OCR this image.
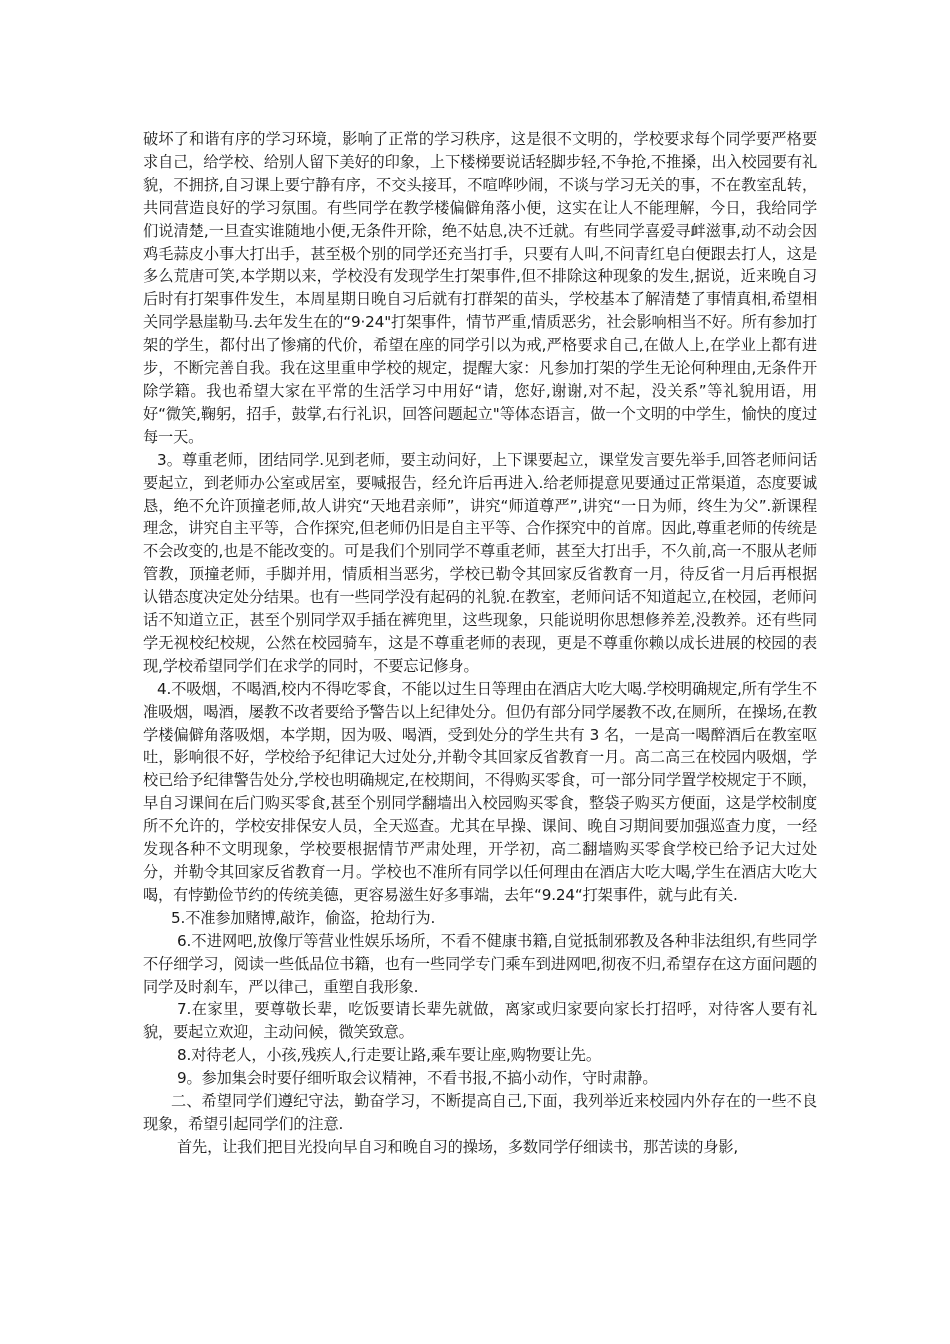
破坏了和谐有序的学习环境，影响了正常的学习秩序，这是很不文明的，学校要求每个同学要严格要求自己，给学校、给别人留下美好的印象，上下楼梯要说话轻脚步轻,不争抢,不推搡，出入校园要有礼貌，不拥挤,自习课上要宁静有序，不交头接耳，不喧哗吵闹，不谈与学习无关的事，不在教室乱转，共同营造良好的学习氛围。有些同学在教学楼偏僻角落小便，这实在让人不能理解，今日，我给同学们说清楚,一旦查实谁随地小便,无条件开除，绝不姑息,决不迁就。有些同学喜爱寻衅滋事,动不动会因鸡毛蒜皮小事大打出手，甚至极个别的同学还充当打手，只要有人叫,不问青红皂白便跟去打人，这是多么荒唐可笑,本学期以来，学校没有发现学生打架事件,但不排除这种现象的发生,据说，近来晚自习后时有打架事件发生，本周星期日晚自习后就有打群架的苗头，学校基本了解清楚了事情真相,希望相关同学悬崖勒马.去年发生在的“9·24"打架事件，情节严重,情质恶劣，社会影响相当不好。所有参加打架的学生，都付出了惨痛的代价，希望在座的同学引以为戒,严格要求自己,在做人上,在学业上都有进步，不断完善自我。我在这里重申学校的规定，提醒大家：凡参加打架的学生无论何种理由,无条件开除学籍。我也希望大家在平常的生活学习中用好“请，您好,谢谢,对不起，没关系”等礼貌用语，用好“微笑,鞠躬，招手，鼓掌,右行礼识，回答问题起立"等体态语言，做一个文明的中学生，愉快的度过每一天。

3。尊重老师，团结同学.见到老师，要主动问好，上下课要起立，课堂发言要先举手,回答老师问话要起立，到老师办公室或居室，要喊报告，经允许后再进入.给老师提意见要通过正常渠道，态度要诚恳，绝不允许顶撞老师,故人讲究“天地君亲师”，讲究“师道尊严”,讲究“一日为师，终生为父”.新课程理念，讲究自主平等，合作探究,但老师仍旧是自主平等、合作探究中的首席。因此,尊重老师的传统是不会改变的,也是不能改变的。可是我们个别同学不尊重老师，甚至大打出手，不久前,高一不服从老师管教，顶撞老师，手脚并用，情质相当恶劣，学校已勒令其回家反省教育一月，待反省一月后再根据认错态度决定处分结果。也有一些同学没有起码的礼貌.在教室，老师问话不知道起立,在校园，老师问话不知道立正，甚至个别同学双手插在裤兜里，这些现象，只能说明你思想修养差,没教养。还有些同学无视校纪校规，公然在校园骑车，这是不尊重老师的表现，更是不尊重你赖以成长进展的校园的表现,学校希望同学们在求学的同时，不要忘记修身。

4.不吸烟，不喝酒,校内不得吃零食，不能以过生日等理由在酒店大吃大喝.学校明确规定,所有学生不准吸烟，喝酒，屡教不改者要给予警告以上纪律处分。但仍有部分同学屡教不改,在厕所，在操场,在教学楼偏僻角落吸烟，本学期，因为吸、喝酒，受到处分的学生共有 3 名，一是高一喝醉酒后在教室呕吐，影响很不好，学校给予纪律记大过处分,并勒令其回家反省教育一月。高二高三在校园内吸烟，学校已给予纪律警告处分,学校也明确规定,在校期间，不得购买零食，可一部分同学置学校规定于不顾，早自习课间在后门购买零食,甚至个别同学翻墙出入校园购买零食，整袋子购买方便面，这是学校制度所不允许的，学校安排保安人员，全天巡查。尤其在早操、课间、晚自习期间要加强巡查力度，一经发现各种不文明现象，学校要根据情节严肃处理，开学初，高二翻墙购买零食学校已给予记大过处分，并勒令其回家反省教育一月。学校也不准所有同学以任何理由在酒店大吃大喝,学生在酒店大吃大喝，有悖勤俭节约的传统美德，更容易滋生好多事端，去年“9.24“打架事件，就与此有关.

5.不准参加赌博,敲诈，偷盗，抢劫行为.

6.不进网吧,放像厅等营业性娱乐场所，不看不健康书籍,自觉抵制邪教及各种非法组织,有些同学不仔细学习，阅读一些低品位书籍，也有一些同学专门乘车到进网吧,彻夜不归,希望存在这方面问题的同学及时刹车，严以律己，重塑自我形象.

7.在家里，要尊敬长辈，吃饭要请长辈先就做，离家或归家要向家长打招呼，对待客人要有礼貌，要起立欢迎，主动问候，微笑致意。

8.对待老人，小孩,残疾人,行走要让路,乘车要让座,购物要让先。

9。参加集会时要仔细听取会议精神，不看书报,不搞小动作，守时肃静。

二、希望同学们遵纪守法，勤奋学习，不断提高自己,下面，我列举近来校园内外存在的一些不良现象，希望引起同学们的注意.

首先，让我们把目光投向早自习和晚自习的操场，多数同学仔细读书，那苦读的身影,
